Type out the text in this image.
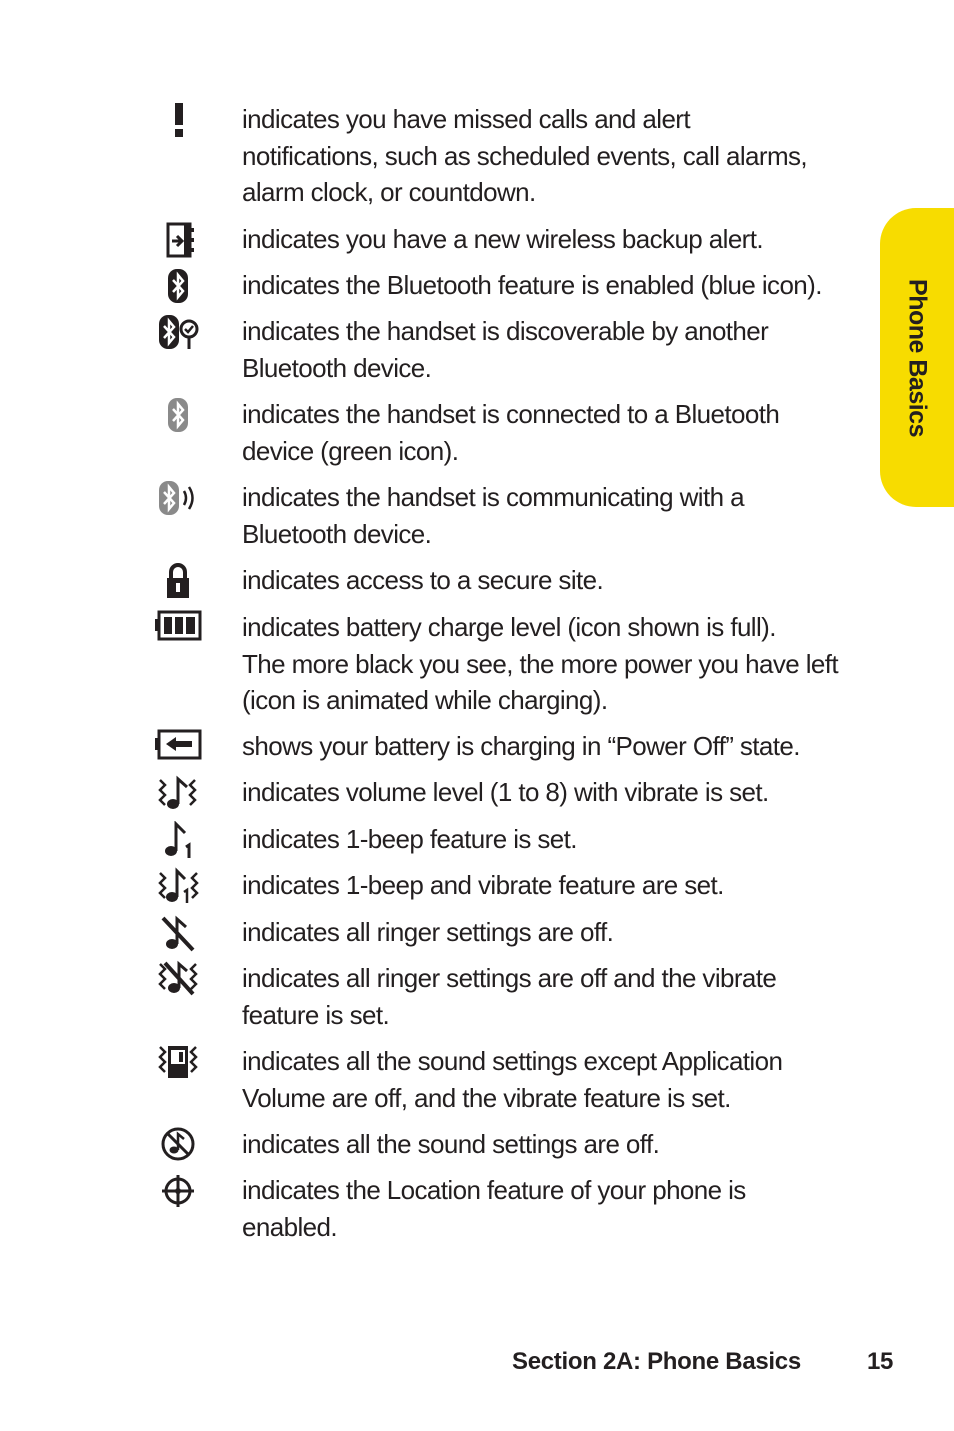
Phone Basics
indicates you have missed calls and alert
notifications, such as scheduled events, call alarms,
alarm clock, or countdown.
indicates you have a new wireless backup alert.
indicates the Bluetooth feature is enabled (blue icon).
indicates the handset is discoverable by another
Bluetooth device.
indicates the handset is connected to a Bluetooth
device (green icon).
indicates the handset is communicating with a
Bluetooth device.
indicates access to a secure site.
indicates battery charge level (icon shown is full).
The more black you see, the more power you have left
(icon is animated while charging).
shows your battery is charging in “Power Off” state.
indicates volume level (1 to 8) with vibrate is set.
indicates 1-beep feature is set.
indicates 1-beep and vibrate feature are set.
indicates all ringer settings are off.
indicates all ringer settings are off and the vibrate
feature is set.
indicates all the sound settings except Application
Volume are off, and the vibrate feature is set.
indicates all the sound settings are off.
indicates the Location feature of your phone is
enabled.
Section 2A: Phone Basics	15
